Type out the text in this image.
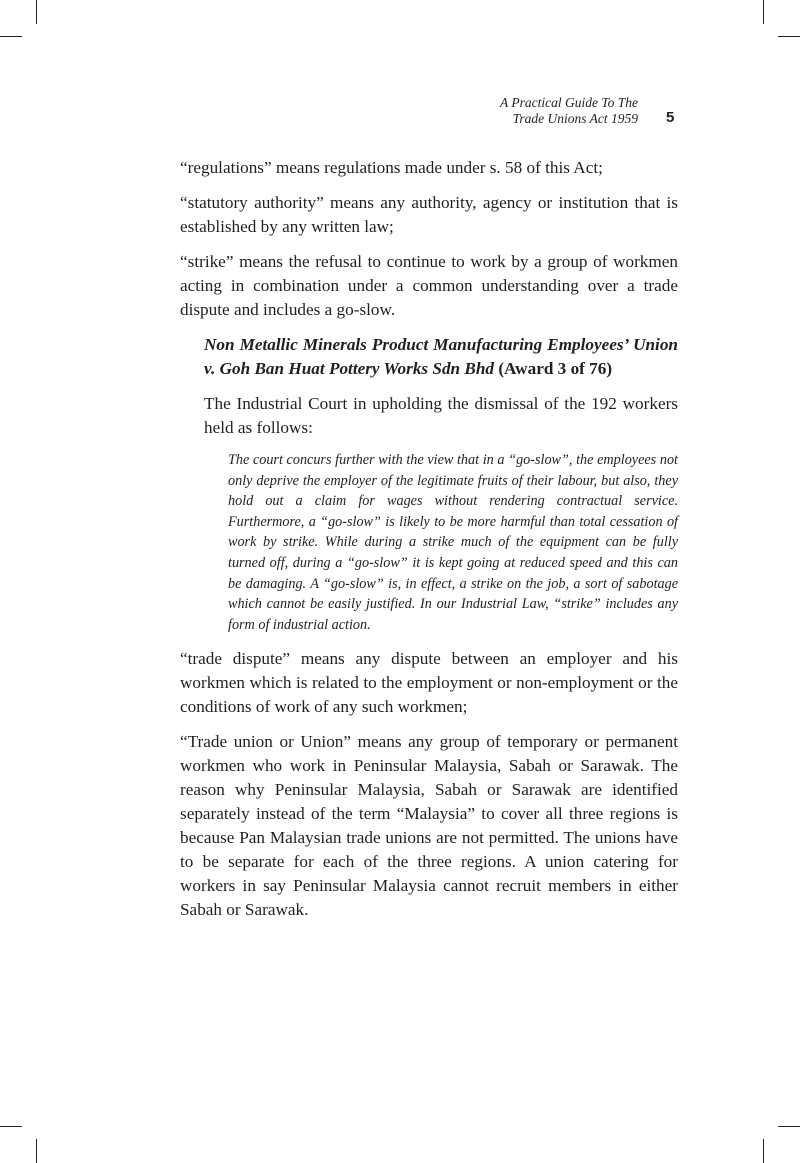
A Practical Guide To The
Trade Unions Act 1959 5

“regulations” means regulations made under s. 58 of this Act;

“statutory authority” means any authority, agency or institution that is established by any written law;

“strike” means the refusal to continue to work by a group of workmen acting in combination under a common understanding over a trade dispute and includes a go-slow.

Non Metallic Minerals Product Manufacturing Employees’ Union v. Goh Ban Huat Pottery Works Sdn Bhd (Award 3 of 76)

The Industrial Court in upholding the dismissal of the 192 workers held as follows:

The court concurs further with the view that in a “go-slow”, the employees not only deprive the employer of the legitimate fruits of their labour, but also, they hold out a claim for wages without rendering contractual service. Furthermore, a “go-slow” is likely to be more harmful than total cessation of work by strike. While during a strike much of the equipment can be fully turned off, during a “go-slow” it is kept going at reduced speed and this can be damaging. A “go-slow” is, in effect, a strike on the job, a sort of sabotage which cannot be easily justified. In our Industrial Law, “strike” includes any form of industrial action.

“trade dispute” means any dispute between an employer and his workmen which is related to the employment or non-employment or the conditions of work of any such workmen;

“Trade union or Union” means any group of temporary or permanent workmen who work in Peninsular Malaysia, Sabah or Sarawak. The reason why Peninsular Malaysia, Sabah or Sarawak are identified separately instead of the term “Malaysia” to cover all three regions is because Pan Malaysian trade unions are not permitted. The unions have to be separate for each of the three regions. A union catering for workers in say Peninsular Malaysia cannot recruit members in either Sabah or Sarawak.
